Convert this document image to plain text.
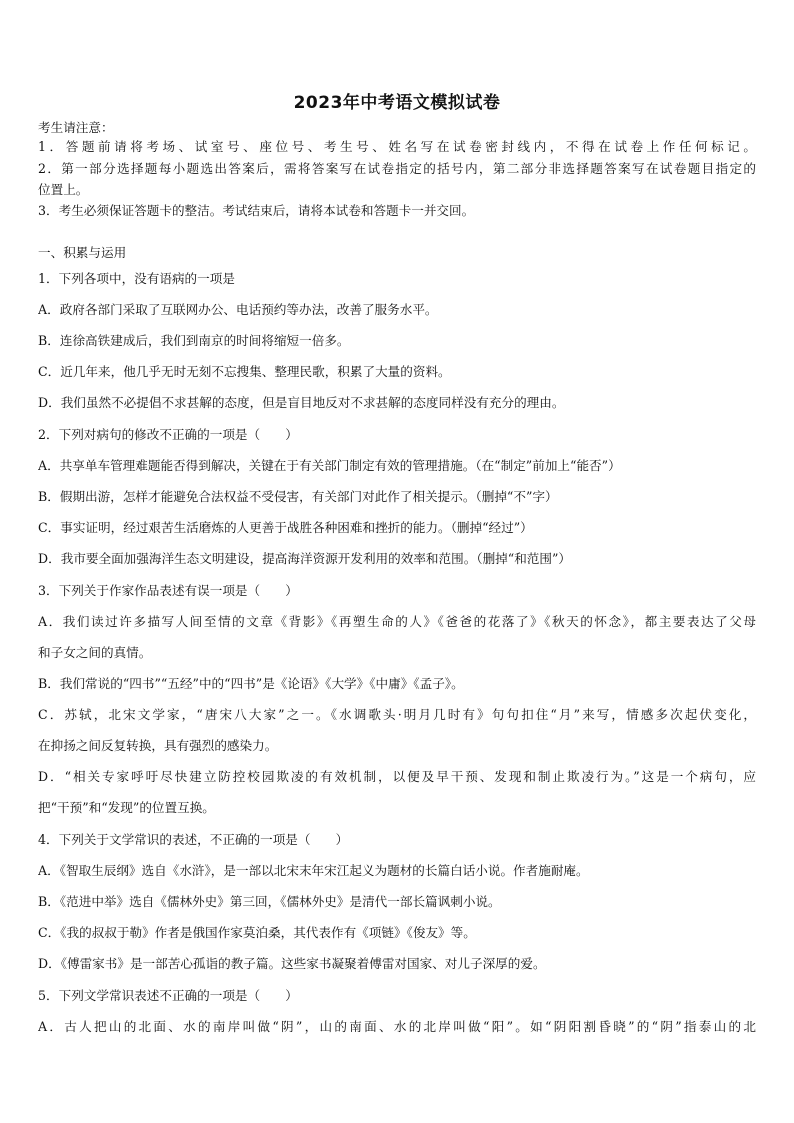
2023年中考语文模拟试卷
考生请注意：
1．答题前请将考场、试室号、座位号、考生号、姓名写在试卷密封线内，不得在试卷上作任何标记。
2．第一部分选择题每小题选出答案后，需将答案写在试卷指定的括号内，第二部分非选择题答案写在试卷题目指定的
位置上。
3．考生必须保证答题卡的整洁。考试结束后，请将本试卷和答题卡一并交回。
一、积累与运用
1．下列各项中，没有语病的一项是
A．政府各部门采取了互联网办公、电话预约等办法，改善了服务水平。
B．连徐高铁建成后，我们到南京的时间将缩短一倍多。
C．近几年来，他几乎无时无刻不忘搜集、整理民歌，积累了大量的资料。
D．我们虽然不必提倡不求甚解的态度，但是盲目地反对不求甚解的态度同样没有充分的理由。
2．下列对病句的修改不正确的一项是（　　）
A．共享单车管理难题能否得到解决，关键在于有关部门制定有效的管理措施。（在“制定”前加上“能否”）
B．假期出游，怎样才能避免合法权益不受侵害，有关部门对此作了相关提示。（删掉“不”字）
C．事实证明，经过艰苦生活磨炼的人更善于战胜各种困难和挫折的能力。（删掉“经过”）
D．我市要全面加强海洋生态文明建设，提高海洋资源开发利用的效率和范围。（删掉“和范围”）
3．下列关于作家作品表述有误一项是（　　）
A．我们读过许多描写人间至情的文章《背影》《再塑生命的人》《爸爸的花落了》《秋天的怀念》，都主要表达了父母
和子女之间的真情。
B．我们常说的“四书”“五经”中的“四书”是《论语》《大学》《中庸》《孟子》。
C．苏轼，北宋文学家，“唐宋八大家”之一。《水调歌头·明月几时有》句句扣住“月”来写，情感多次起伏变化，
在抑扬之间反复转换，具有强烈的感染力。
D．“相关专家呼吁尽快建立防控校园欺凌的有效机制，以便及早干预、发现和制止欺凌行为。”这是一个病句，应
把“干预”和“发现”的位置互换。
4．下列关于文学常识的表述，不正确的一项是（　　）
A．《智取生辰纲》选自《水浒》，是一部以北宋末年宋江起义为题材的长篇白话小说。作者施耐庵。
B．《范进中举》选自《儒林外史》第三回，《儒林外史》是清代一部长篇讽刺小说。
C．《我的叔叔于勒》作者是俄国作家莫泊桑，其代表作有《项链》《俊友》等。
D．《傅雷家书》是一部苦心孤诣的教子篇。这些家书凝聚着傅雷对国家、对儿子深厚的爱。
5．下列文学常识表述不正确的一项是（　　）
A．古人把山的北面、水的南岸叫做“阴”，山的南面、水的北岸叫做“阳”。如“阴阳割昏晓”的“阴”指泰山的北
